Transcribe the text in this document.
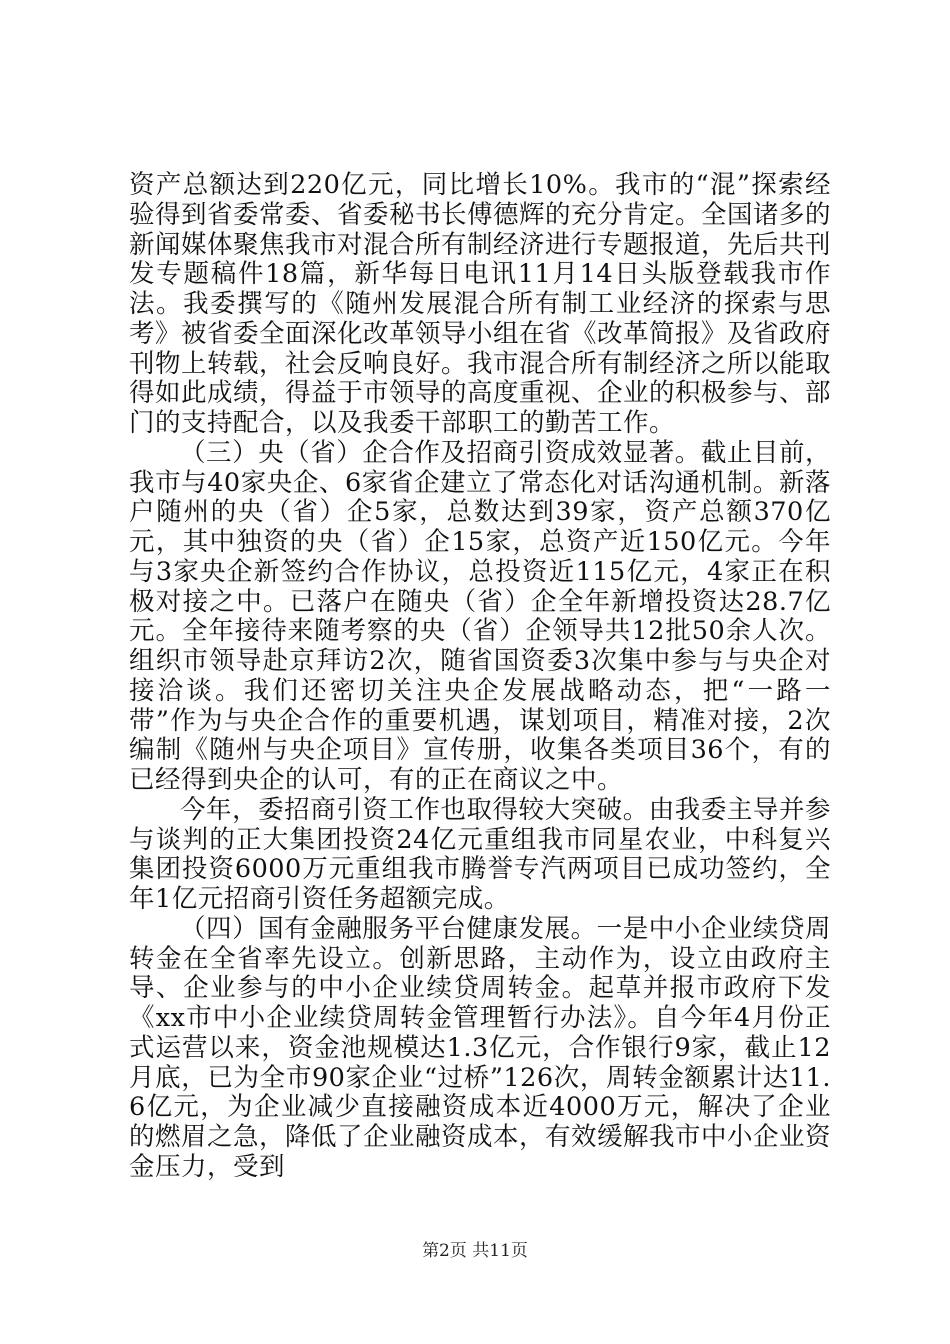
资产总额达到220亿元，同比增长10%。我市的“混”探索经验得到省委常委、省委秘书长傅德辉的充分肯定。全国诸多的新闻媒体聚焦我市对混合所有制经济进行专题报道，先后共刊发专题稿件18篇，新华每日电讯11月14日头版登载我市作法。我委撰写的《随州发展混合所有制工业经济的探索与思考》被省委全面深化改革领导小组在省《改革简报》及省政府刊物上转载，社会反响良好。我市混合所有制经济之所以能取得如此成绩，得益于市领导的高度重视、企业的积极参与、部门的支持配合，以及我委干部职工的勤苦工作。

（三）央（省）企合作及招商引资成效显著。截止目前，我市与40家央企、6家省企建立了常态化对话沟通机制。新落户随州的央（省）企5家，总数达到39家，资产总额370亿元，其中独资的央（省）企15家，总资产近150亿元。今年与3家央企新签约合作协议，总投资近115亿元，4家正在积极对接之中。已落户在随央（省）企全年新增投资达28.7亿元。全年接待来随考察的央（省）企领导共12批50余人次。组织市领导赴京拜访2次，随省国资委3次集中参与与央企对接洽谈。我们还密切关注央企发展战略动态，把“一路一带”作为与央企合作的重要机遇，谋划项目，精准对接，2次编制《随州与央企项目》宣传册，收集各类项目36个，有的已经得到央企的认可，有的正在商议之中。

今年，委招商引资工作也取得较大突破。由我委主导并参与谈判的正大集团投资24亿元重组我市同星农业，中科复兴集团投资6000万元重组我市腾誉专汽两项目已成功签约，全年1亿元招商引资任务超额完成。

（四）国有金融服务平台健康发展。一是中小企业续贷周转金在全省率先设立。创新思路，主动作为，设立由政府主导、企业参与的中小企业续贷周转金。起草并报市政府下发《xx市中小企业续贷周转金管理暂行办法》。自今年4月份正式运营以来，资金池规模达1.3亿元，合作银行9家，截止12月底，已为全市90家企业“过桥”126次，周转金额累计达11.6亿元，为企业减少直接融资成本近4000万元，解决了企业的燃眉之急，降低了企业融资成本，有效缓解我市中小企业资金压力，受到

第2页 共11页
